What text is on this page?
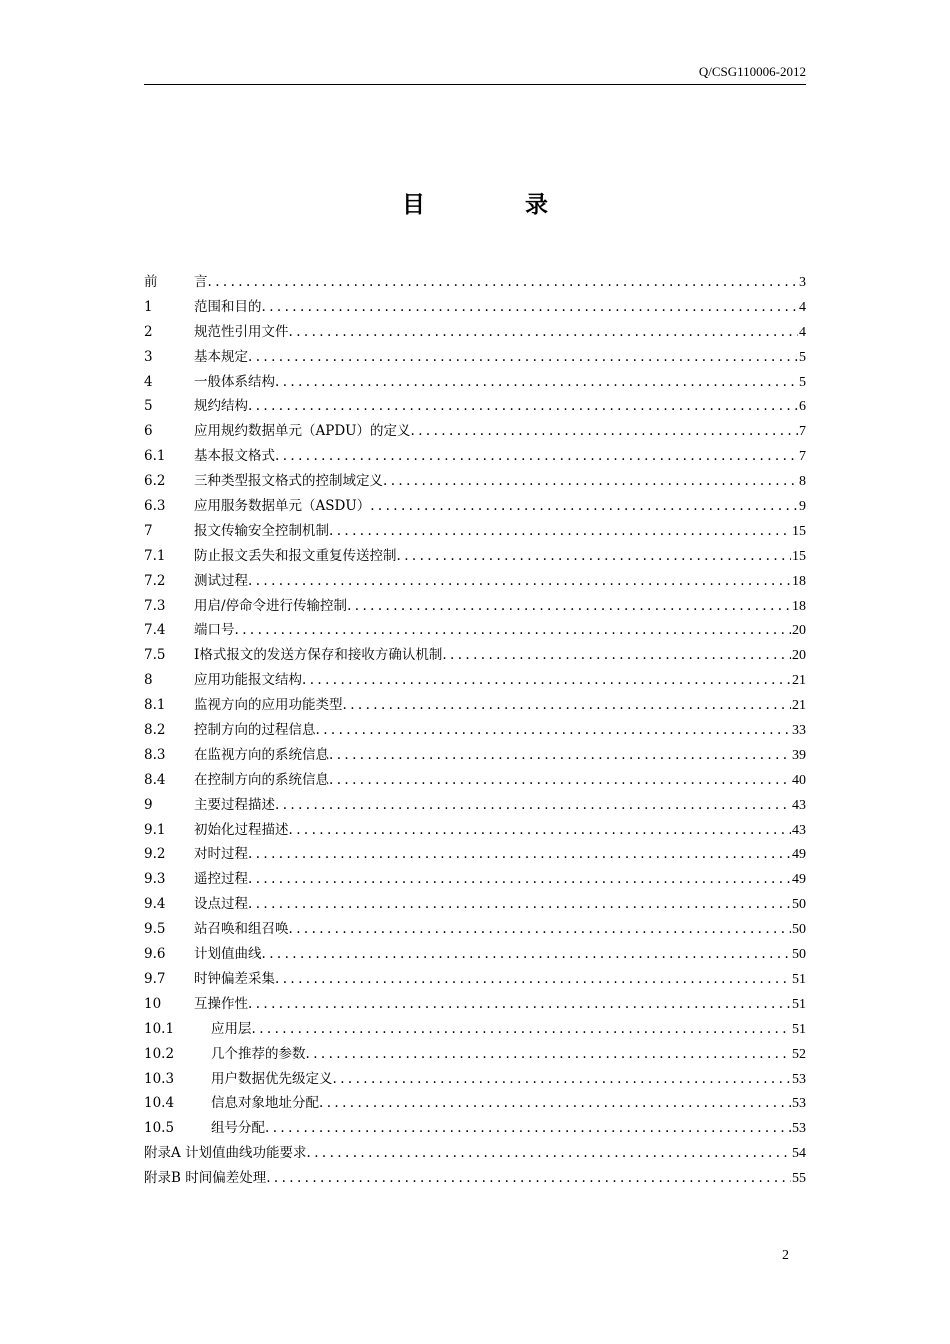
Q/CSG110006-2012
目 录
前	言 .....	3
1	范围和目的 .....	4
2	规范性引用文件 .....	4
3	基本规定 .....	5
4	一般体系结构 .....	5
5	规约结构 .....	6
6	应用规约数据单元（APDU）的定义 .....	7
6.1	基本报文格式 .....	7
6.2	三种类型报文格式的控制域定义 .....	8
6.3	应用服务数据单元（ASDU） .....	9
7	报文传输安全控制机制 .....	15
7.1	防止报文丢失和报文重复传送控制 .....	15
7.2	测试过程 .....	18
7.3	用启/停命令进行传输控制 .....	18
7.4	端口号 .....	20
7.5	I格式报文的发送方保存和接收方确认机制 .....	20
8	应用功能报文结构 .....	21
8.1	监视方向的应用功能类型 .....	21
8.2	控制方向的过程信息 .....	33
8.3	在监视方向的系统信息 .....	39
8.4	在控制方向的系统信息 .....	40
9	主要过程描述 .....	43
9.1	初始化过程描述 .....	43
9.2	对时过程 .....	49
9.3	遥控过程 .....	49
9.4	设点过程 .....	50
9.5	站召唤和组召唤 .....	50
9.6	计划值曲线 .....	50
9.7	时钟偏差采集 .....	51
10	互操作性 .....	51
10.1	应用层 .....	51
10.2	几个推荐的参数 .....	52
10.3	用户数据优先级定义 .....	53
10.4	信息对象地址分配 .....	53
10.5	组号分配 .....	53
附录A 计划值曲线功能要求 .....	54
附录B 时间偏差处理 .....	55
2
